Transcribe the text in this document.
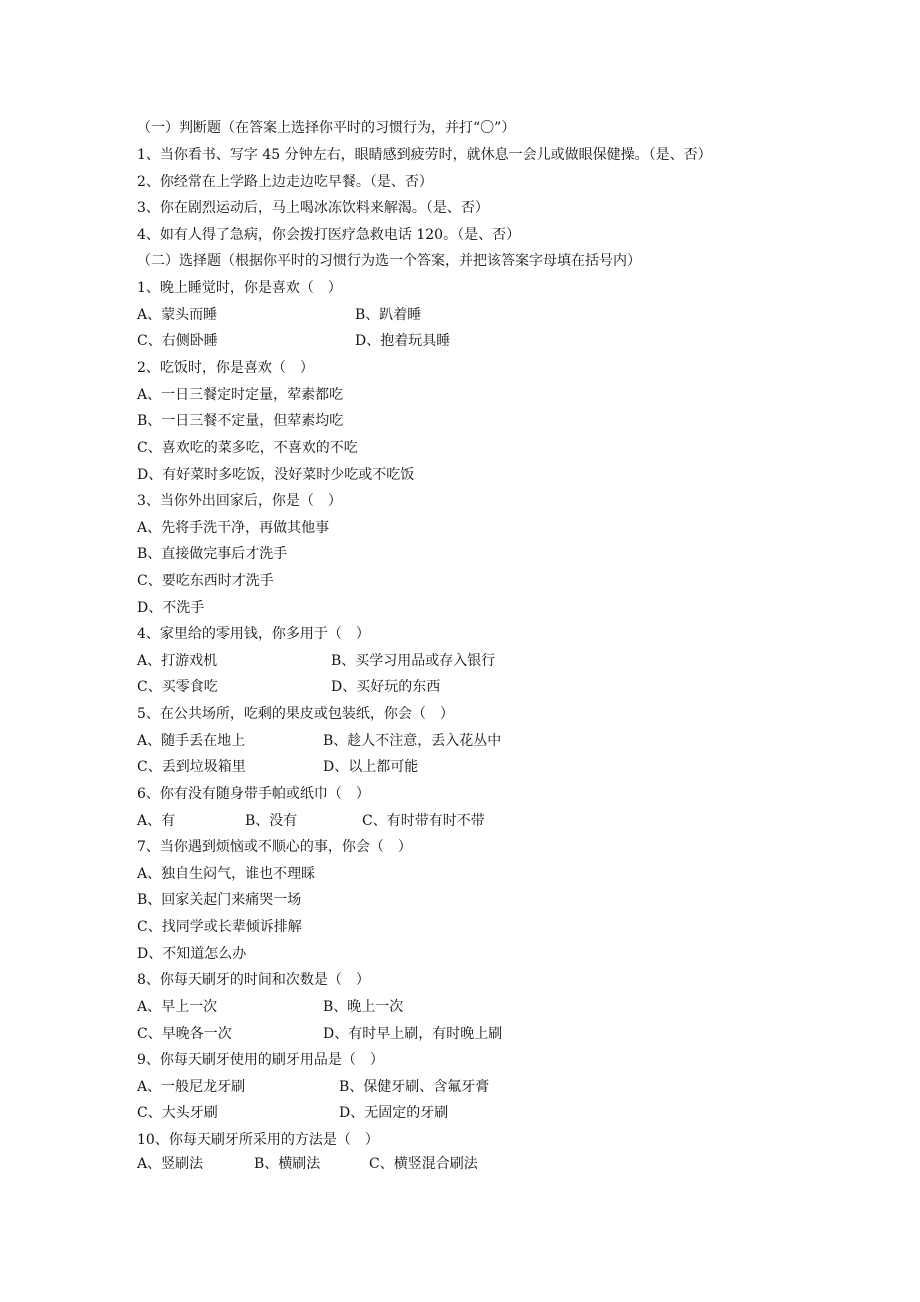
（一）判断题（在答案上选择你平时的习惯行为，并打“〇”）
1、当你看书、写字 45 分钟左右，眼睛感到疲劳时，就休息一会儿或做眼保健操。（是、否）
2、你经常在上学路上边走边吃早餐。（是、否）
3、你在剧烈运动后，马上喝冰冻饮料来解渴。（是、否）
4、如有人得了急病，你会拨打医疗急救电话 120。（是、否）
（二）选择题（根据你平时的习惯行为选一个答案，并把该答案字母填在括号内）
1、晚上睡觉时，你是喜欢（　）
A、蒙头而睡	B、趴着睡
C、右侧卧睡	D、抱着玩具睡
2、吃饭时，你是喜欢（　）
A、一日三餐定时定量，荤素都吃
B、一日三餐不定量，但荤素均吃
C、喜欢吃的菜多吃，不喜欢的不吃
D、有好菜时多吃饭，没好菜时少吃或不吃饭
3、当你外出回家后，你是（　）
A、先将手洗干净，再做其他事
B、直接做完事后才洗手
C、要吃东西时才洗手
D、不洗手
4、家里给的零用钱，你多用于（　）
A、打游戏机	B、买学习用品或存入银行
C、买零食吃	D、买好玩的东西
5、在公共场所，吃剩的果皮或包装纸，你会（　）
A、随手丢在地上	B、趁人不注意，丢入花丛中
C、丢到垃圾箱里	D、以上都可能
6、你有没有随身带手帕或纸巾（　）
A、有	B、没有	C、有时带有时不带
7、当你遇到烦恼或不顺心的事，你会（　）
A、独自生闷气，谁也不理睬
B、回家关起门来痛哭一场
C、找同学或长辈倾诉排解
D、不知道怎么办
8、你每天刷牙的时间和次数是（　）
A、早上一次	B、晚上一次
C、早晚各一次	D、有时早上刷，有时晚上刷
9、你每天刷牙使用的刷牙用品是（　）
A、一般尼龙牙刷	B、保健牙刷、含氟牙膏
C、大头牙刷	D、无固定的牙刷
10、你每天刷牙所采用的方法是（　）
A、竖刷法	B、横刷法	C、横竖混合刷法
